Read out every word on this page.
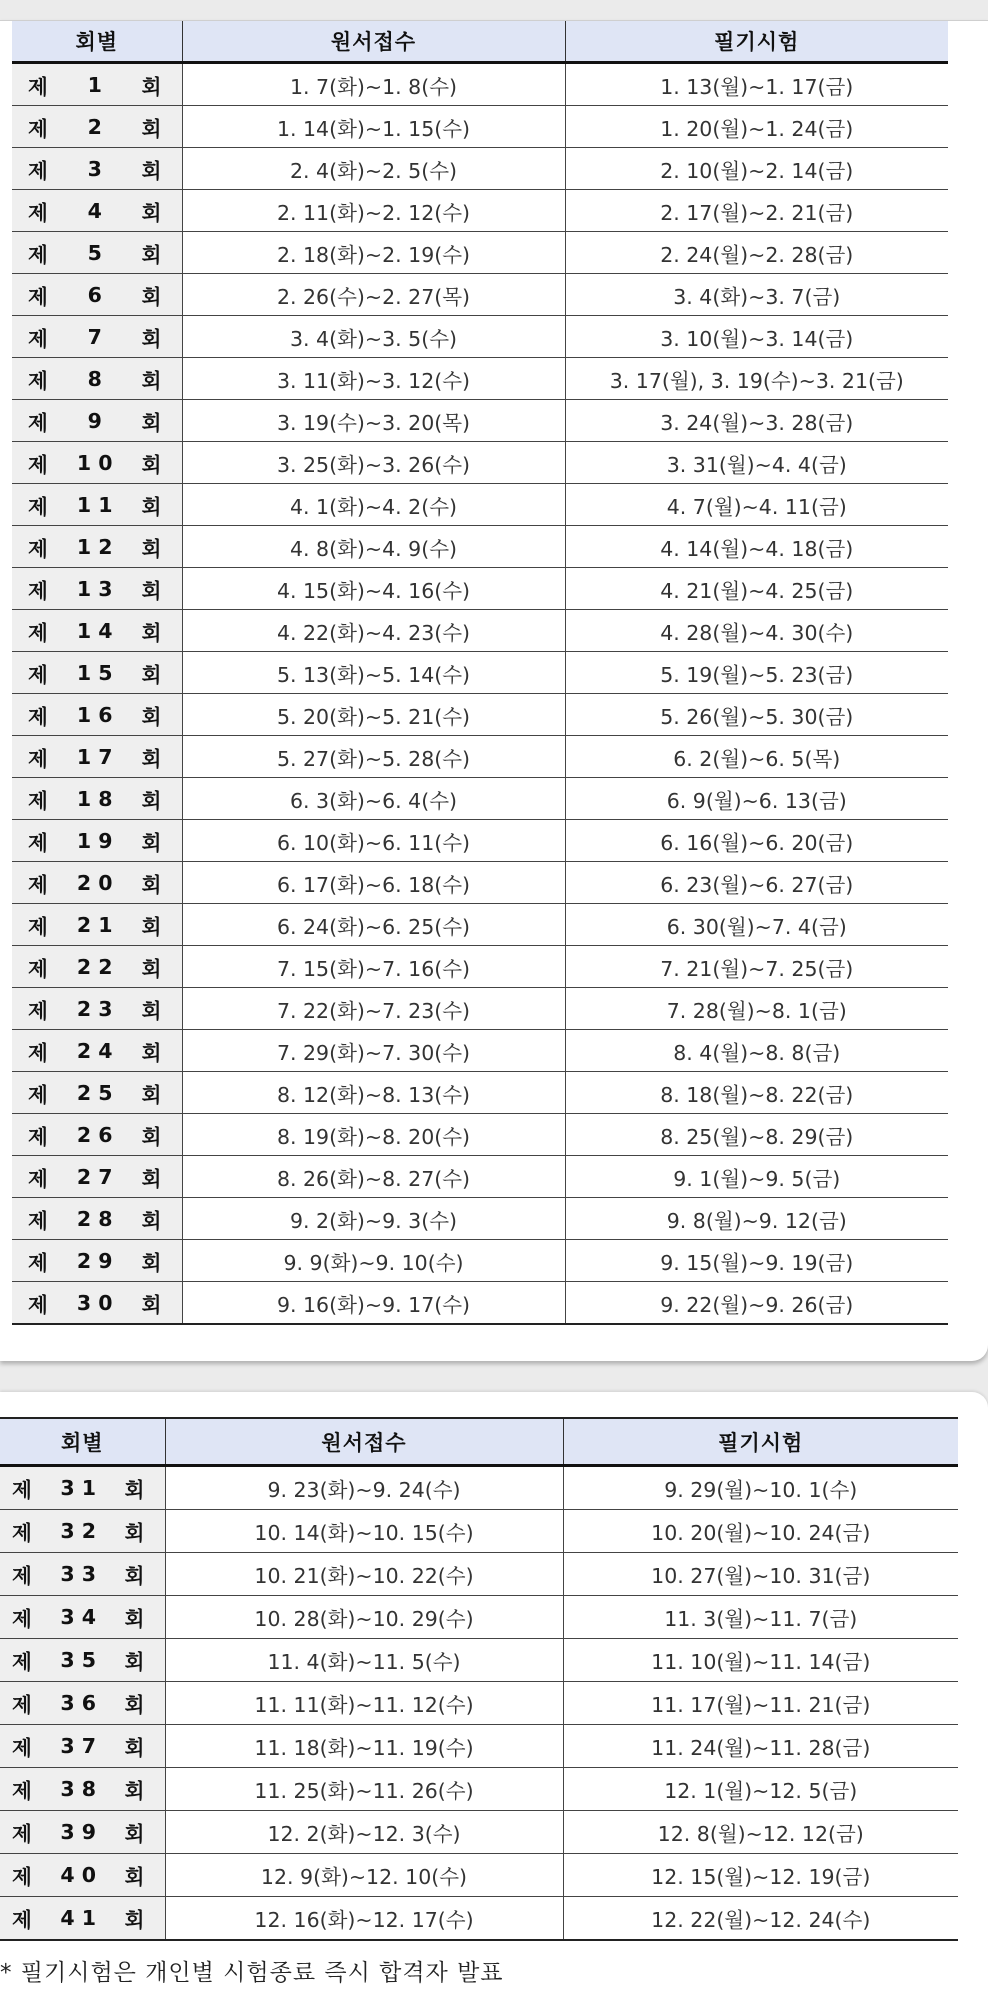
회별	원서접수	필기시험

제 1 회	1. 7(화)~1. 8(수)	1. 13(월)~1. 17(금)

제 2 회	1. 14(화)~1. 15(수)	1. 20(월)~1. 24(금)

제 3 회	2. 4(화)~2. 5(수)	2. 10(월)~2. 14(금)

제 4 회	2. 11(화)~2. 12(수)	2. 17(월)~2. 21(금)

제 5 회	2. 18(화)~2. 19(수)	2. 24(월)~2. 28(금)

제 6 회	2. 26(수)~2. 27(목)	3. 4(화)~3. 7(금)

제 7 회	3. 4(화)~3. 5(수)	3. 10(월)~3. 14(금)

제 8 회	3. 11(화)~3. 12(수)	3. 17(월), 3. 19(수)~3. 21(금)

제 9 회	3. 19(수)~3. 20(목)	3. 24(월)~3. 28(금)

제 1 0 회	3. 25(화)~3. 26(수)	3. 31(월)~4. 4(금)

제 1 1 회	4. 1(화)~4. 2(수)	4. 7(월)~4. 11(금)

제 1 2 회	4. 8(화)~4. 9(수)	4. 14(월)~4. 18(금)

제 1 3 회	4. 15(화)~4. 16(수)	4. 21(월)~4. 25(금)

제 1 4 회	4. 22(화)~4. 23(수)	4. 28(월)~4. 30(수)

제 1 5 회	5. 13(화)~5. 14(수)	5. 19(월)~5. 23(금)

제 1 6 회	5. 20(화)~5. 21(수)	5. 26(월)~5. 30(금)

제 1 7 회	5. 27(화)~5. 28(수)	6. 2(월)~6. 5(목)

제 1 8 회	6. 3(화)~6. 4(수)	6. 9(월)~6. 13(금)

제 1 9 회	6. 10(화)~6. 11(수)	6. 16(월)~6. 20(금)

제 2 0 회	6. 17(화)~6. 18(수)	6. 23(월)~6. 27(금)

제 2 1 회	6. 24(화)~6. 25(수)	6. 30(월)~7. 4(금)

제 2 2 회	7. 15(화)~7. 16(수)	7. 21(월)~7. 25(금)

제 2 3 회	7. 22(화)~7. 23(수)	7. 28(월)~8. 1(금)

제 2 4 회	7. 29(화)~7. 30(수)	8. 4(월)~8. 8(금)

제 2 5 회	8. 12(화)~8. 13(수)	8. 18(월)~8. 22(금)

제 2 6 회	8. 19(화)~8. 20(수)	8. 25(월)~8. 29(금)

제 2 7 회	8. 26(화)~8. 27(수)	9. 1(월)~9. 5(금)

제 2 8 회	9. 2(화)~9. 3(수)	9. 8(월)~9. 12(금)

제 2 9 회	9. 9(화)~9. 10(수)	9. 15(월)~9. 19(금)

제 3 0 회	9. 16(화)~9. 17(수)	9. 22(월)~9. 26(금)
회별	원서접수	필기시험

제 3 1 회	9. 23(화)~9. 24(수)	9. 29(월)~10. 1(수)

제 3 2 회	10. 14(화)~10. 15(수)	10. 20(월)~10. 24(금)

제 3 3 회	10. 21(화)~10. 22(수)	10. 27(월)~10. 31(금)

제 3 4 회	10. 28(화)~10. 29(수)	11. 3(월)~11. 7(금)

제 3 5 회	11. 4(화)~11. 5(수)	11. 10(월)~11. 14(금)

제 3 6 회	11. 11(화)~11. 12(수)	11. 17(월)~11. 21(금)

제 3 7 회	11. 18(화)~11. 19(수)	11. 24(월)~11. 28(금)

제 3 8 회	11. 25(화)~11. 26(수)	12. 1(월)~12. 5(금)

제 3 9 회	12. 2(화)~12. 3(수)	12. 8(월)~12. 12(금)

제 4 0 회	12. 9(화)~12. 10(수)	12. 15(월)~12. 19(금)

제 4 1 회	12. 16(화)~12. 17(수)	12. 22(월)~12. 24(수)
* 필기시험은 개인별 시험종료 즉시 합격자 발표
